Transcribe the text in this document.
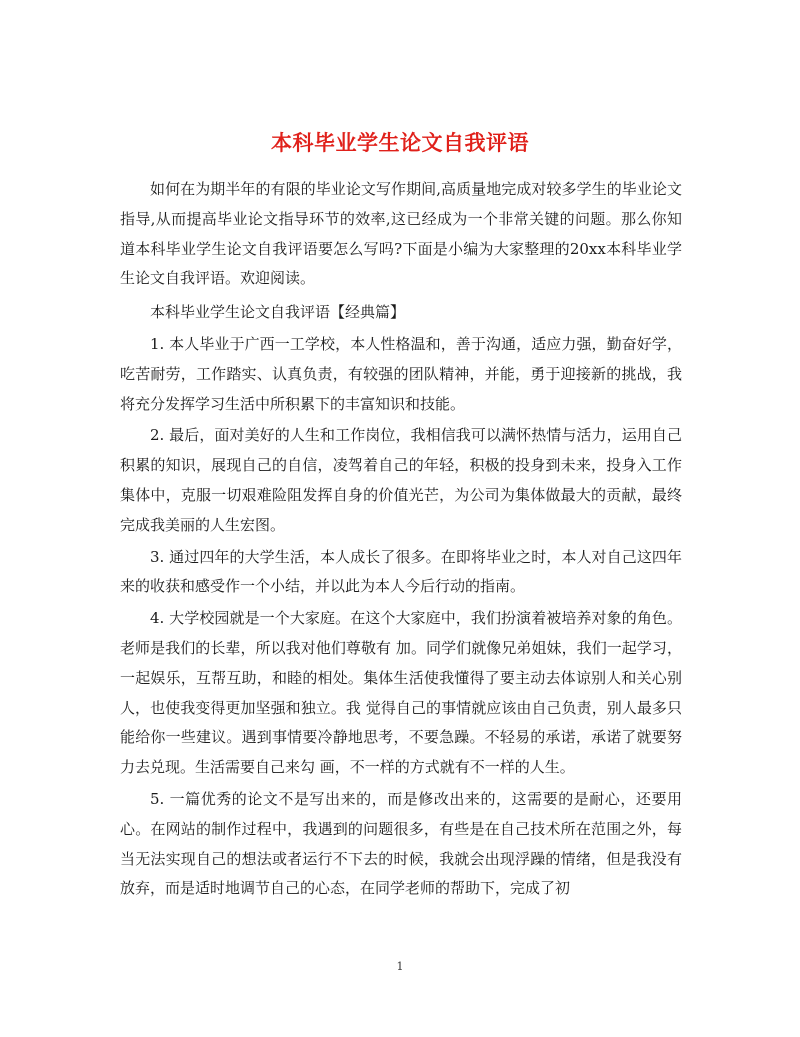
本科毕业学生论文自我评语

如何在为期半年的有限的毕业论文写作期间,高质量地完成对较多学生的毕业论文指导,从而提高毕业论文指导环节的效率,这已经成为一个非常关键的问题。那么你知道本科毕业学生论文自我评语要怎么写吗?下面是小编为大家整理的20xx本科毕业学生论文自我评语。欢迎阅读。

本科毕业学生论文自我评语【经典篇】

1. 本人毕业于广西一工学校，本人性格温和，善于沟通，适应力强，勤奋好学，吃苦耐劳，工作踏实、认真负责，有较强的团队精神，并能，勇于迎接新的挑战，我将充分发挥学习生活中所积累下的丰富知识和技能。

2. 最后，面对美好的人生和工作岗位，我相信我可以满怀热情与活力，运用自己积累的知识，展现自己的自信，凌驾着自己的年轻，积极的投身到未来，投身入工作集体中，克服一切艰难险阻发挥自身的价值光芒，为公司为集体做最大的贡献，最终完成我美丽的人生宏图。

3. 通过四年的大学生活，本人成长了很多。在即将毕业之时，本人对自己这四年来的收获和感受作一个小结，并以此为本人今后行动的指南。

4. 大学校园就是一个大家庭。在这个大家庭中，我们扮演着被培养对象的角色。老师是我们的长辈，所以我对他们尊敬有 加。同学们就像兄弟姐妹，我们一起学习，一起娱乐，互帮互助，和睦的相处。集体生活使我懂得了要主动去体谅别人和关心别人，也使我变得更加坚强和独立。我 觉得自己的事情就应该由自己负责，别人最多只能给你一些建议。遇到事情要冷静地思考，不要急躁。不轻易的承诺，承诺了就要努力去兑现。生活需要自己来勾 画，不一样的方式就有不一样的人生。

5. 一篇优秀的论文不是写出来的，而是修改出来的，这需要的是耐心，还要用心。在网站的制作过程中，我遇到的问题很多，有些是在自己技术所在范围之外，每当无法实现自己的想法或者运行不下去的时候，我就会出现浮躁的情绪，但是我没有放弃，而是适时地调节自己的心态，在同学老师的帮助下，完成了初

1
